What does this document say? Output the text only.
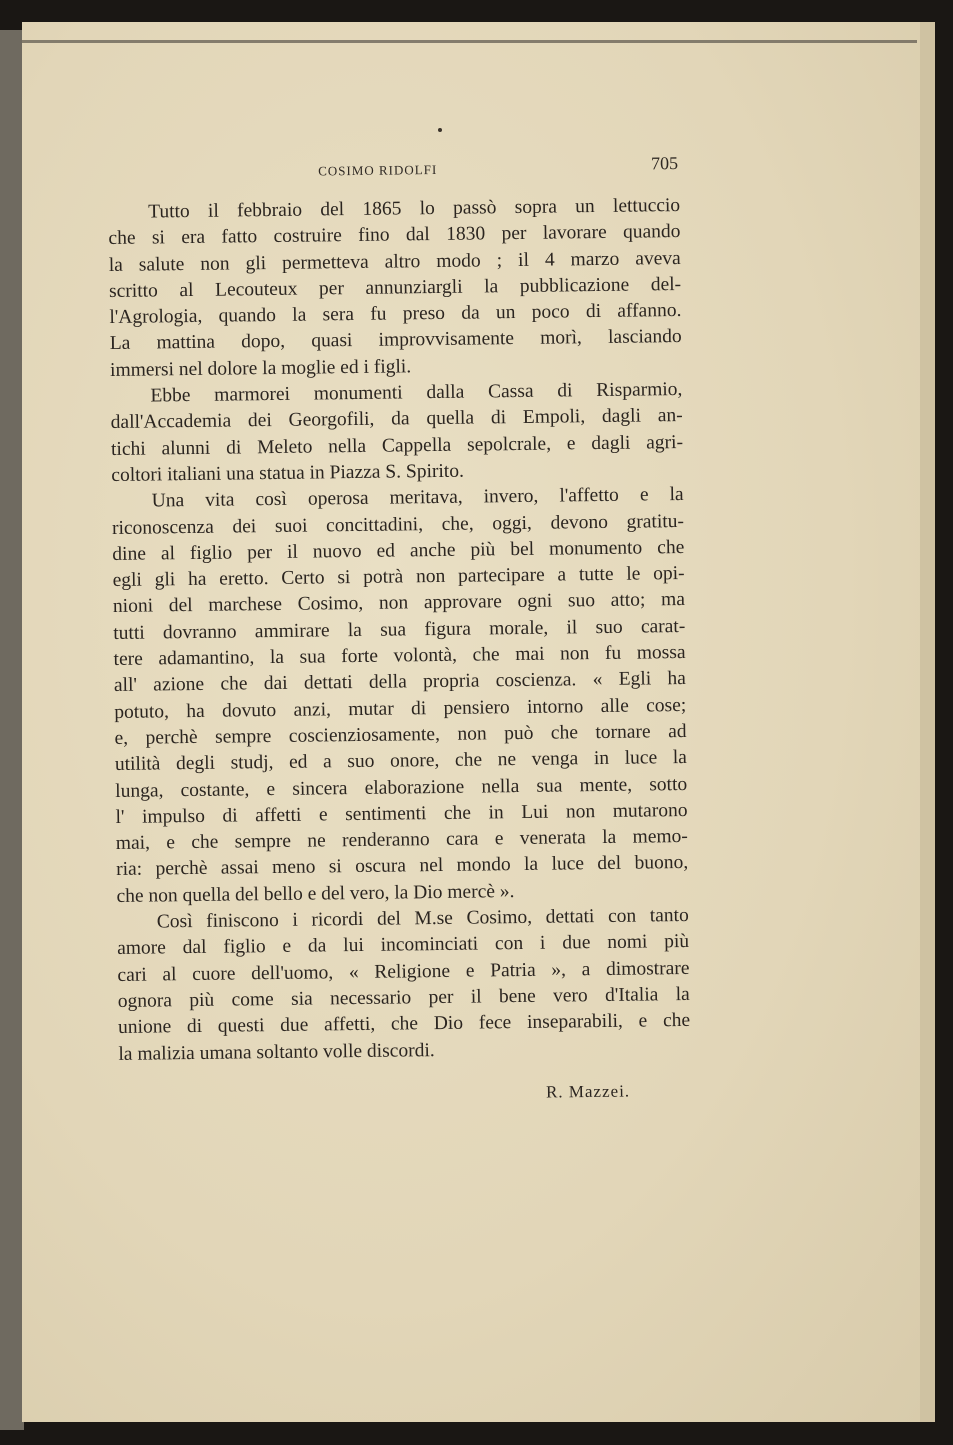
COSIMO RIDOLFI	705
Tutto il febbraio del 1865 lo passò sopra un lettuccio
che si era fatto costruire fino dal 1830 per lavorare quando
la salute non gli permetteva altro modo ; il 4 marzo aveva
scritto al Lecouteux per annunziargli la pubblicazione del-
l'Agrologia, quando la sera fu preso da un poco di affanno.
La mattina dopo, quasi improvvisamente morì, lasciando
immersi nel dolore la moglie ed i figli.
Ebbe marmorei monumenti dalla Cassa di Risparmio,
dall'Accademia dei Georgofili, da quella di Empoli, dagli an-
tichi alunni di Meleto nella Cappella sepolcrale, e dagli agri-
coltori italiani una statua in Piazza S. Spirito.
Una vita così operosa meritava, invero, l'affetto e la
riconoscenza dei suoi concittadini, che, oggi, devono gratitu-
dine al figlio per il nuovo ed anche più bel monumento che
egli gli ha eretto. Certo si potrà non partecipare a tutte le opi-
nioni del marchese Cosimo, non approvare ogni suo atto; ma
tutti dovranno ammirare la sua figura morale, il suo carat-
tere adamantino, la sua forte volontà, che mai non fu mossa
all' azione che dai dettati della propria coscienza. « Egli ha
potuto, ha dovuto anzi, mutar di pensiero intorno alle cose;
e, perchè sempre coscienziosamente, non può che tornare ad
utilità degli studj, ed a suo onore, che ne venga in luce la
lunga, costante, e sincera elaborazione nella sua mente, sotto
l' impulso di affetti e sentimenti che in Lui non mutarono
mai, e che sempre ne renderanno cara e venerata la memo-
ria: perchè assai meno si oscura nel mondo la luce del buono,
che non quella del bello e del vero, la Dio mercè ».
Così finiscono i ricordi del M.se Cosimo, dettati con tanto
amore dal figlio e da lui incominciati con i due nomi più
cari al cuore dell'uomo, « Religione e Patria », a dimostrare
ognora più come sia necessario per il bene vero d'Italia la
unione di questi due affetti, che Dio fece inseparabili, e che
la malizia umana soltanto volle discordi.
R. Mazzei.
